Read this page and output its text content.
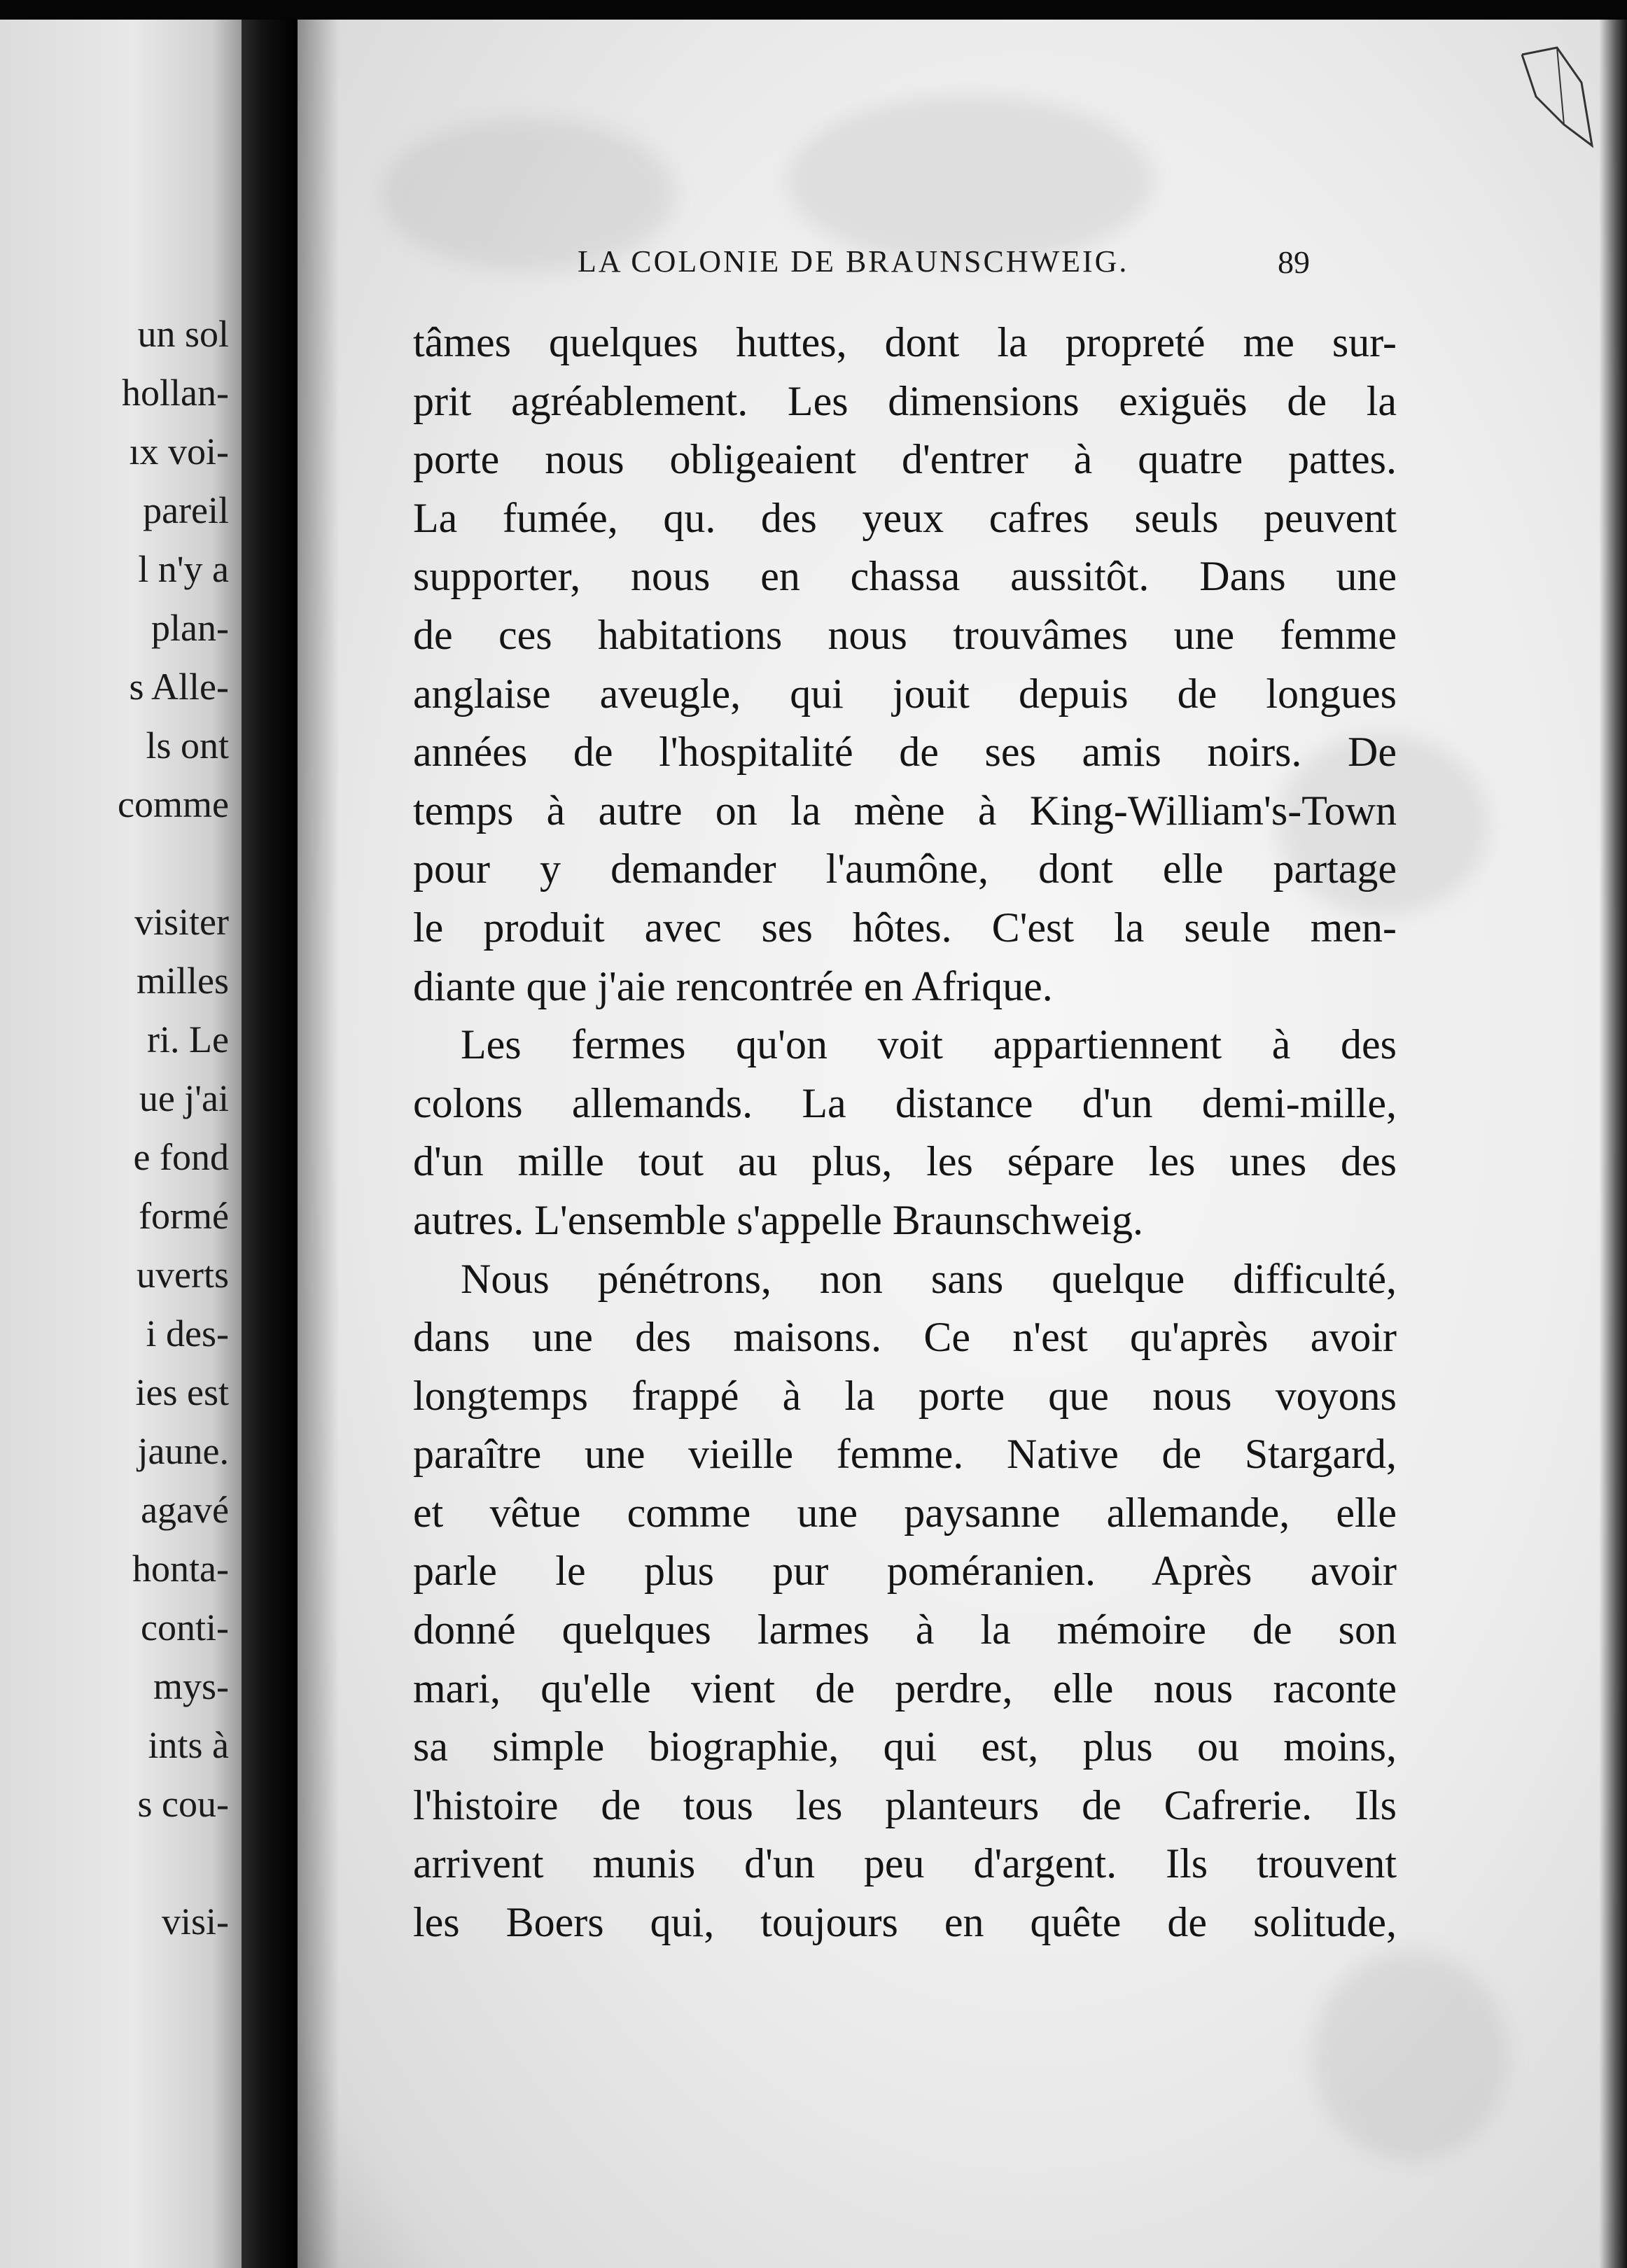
un sol
hollan-
ıx voi-
pareil
l n'y a
plan-
s Alle-
ls ont
comme
visiter
milles
ri. Le
ue j'ai
e fond
formé
uverts
i des-
ies est
jaune.
agavé
honta-
conti-
mys-
ints à
s cou-
visi-
LA COLONIE DE BRAUNSCHWEIG.	89
tâmes quelques huttes, dont la propreté me sur-
prit agréablement. Les dimensions exiguës de la
porte nous obligeaient d'entrer à quatre pattes.
La fumée, qu. des yeux cafres seuls peuvent
supporter, nous en chassa aussitôt. Dans une
de ces habitations nous trouvâmes une femme
anglaise aveugle, qui jouit depuis de longues
années de l'hospitalité de ses amis noirs. De
temps à autre on la mène à King-William's-Town
pour y demander l'aumône, dont elle partage
le produit avec ses hôtes. C'est la seule men-
diante que j'aie rencontrée en Afrique.
Les fermes qu'on voit appartiennent à des
colons allemands. La distance d'un demi-mille,
d'un mille tout au plus, les sépare les unes des
autres. L'ensemble s'appelle Braunschweig.
Nous pénétrons, non sans quelque difficulté,
dans une des maisons. Ce n'est qu'après avoir
longtemps frappé à la porte que nous voyons
paraître une vieille femme. Native de Stargard,
et vêtue comme une paysanne allemande, elle
parle le plus pur poméranien. Après avoir
donné quelques larmes à la mémoire de son
mari, qu'elle vient de perdre, elle nous raconte
sa simple biographie, qui est, plus ou moins,
l'histoire de tous les planteurs de Cafrerie. Ils
arrivent munis d'un peu d'argent. Ils trouvent
les Boers qui, toujours en quête de solitude,
